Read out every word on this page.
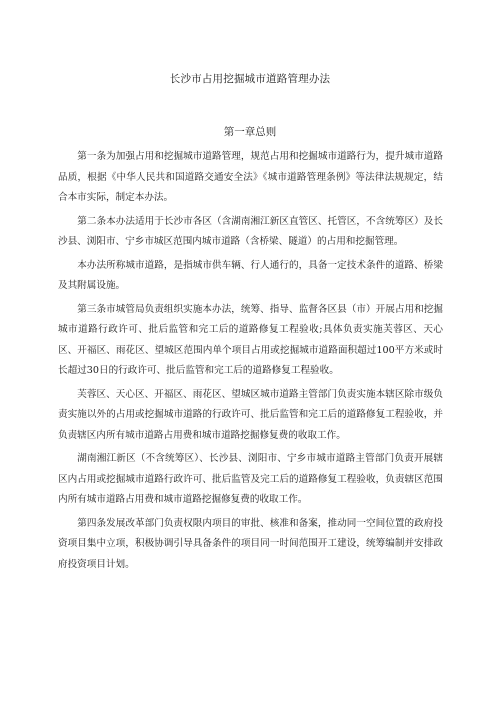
长沙市占用挖掘城市道路管理办法
第一章总则

第一条为加强占用和挖掘城市道路管理，规范占用和挖掘城市道路行为，提升城市道路品质，根据《中华人民共和国道路交通安全法》《城市道路管理条例》等法律法规规定，结合本市实际，制定本办法。

第二条本办法适用于长沙市各区（含湖南湘江新区直管区、托管区，不含统筹区）及长沙县、浏阳市、宁乡市城区范围内城市道路（含桥梁、隧道）的占用和挖掘管理。

本办法所称城市道路，是指城市供车辆、行人通行的，具备一定技术条件的道路、桥梁及其附属设施。

第三条市城管局负责组织实施本办法，统筹、指导、监督各区县（市）开展占用和挖掘城市道路行政许可、批后监管和完工后的道路修复工程验收;具体负责实施芙蓉区、天心区、开福区、雨花区、望城区范围内单个项目占用或挖掘城市道路面积超过100平方米或时长超过30日的行政许可、批后监管和完工后的道路修复工程验收。

芙蓉区、天心区、开福区、雨花区、望城区城市道路主管部门负责实施本辖区除市级负责实施以外的占用或挖掘城市道路的行政许可、批后监管和完工后的道路修复工程验收，并负责辖区内所有城市道路占用费和城市道路挖掘修复费的收取工作。

湖南湘江新区（不含统筹区）、长沙县、浏阳市、宁乡市城市道路主管部门负责开展辖区内占用或挖掘城市道路行政许可、批后监管及完工后的道路修复工程验收，负责辖区范围内所有城市道路占用费和城市道路挖掘修复费的收取工作。

第四条发展改革部门负责权限内项目的审批、核准和备案，推动同一空间位置的政府投资项目集中立项，积极协调引导具备条件的项目同一时间范围开工建设，统筹编制并安排政府投资项目计划。
